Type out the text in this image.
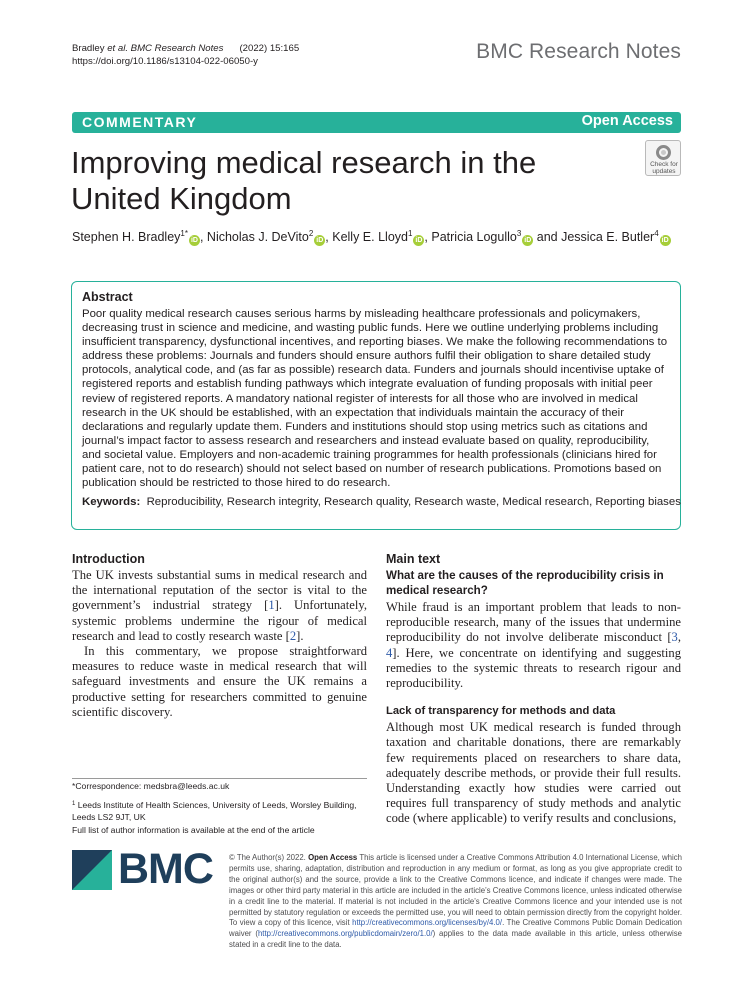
Bradley et al. BMC Research Notes (2022) 15:165
https://doi.org/10.1186/s13104-022-06050-y	BMC Research Notes
COMMENTARY	Open Access
Improving medical research in the United Kingdom
Check for
updates
Stephen H. Bradley$^{1*}$iD , Nicholas J. DeVito$^2$iD , Kelly E. Lloyd$^1$iD , Patricia Logullo$^3$iD and Jessica E. Butler$^4$iD
Abstract

Poor quality medical research causes serious harms by misleading healthcare professionals and policymakers, decreasing trust in science and medicine, and wasting public funds. Here we outline underlying problems including insufficient transparency, dysfunctional incentives, and reporting biases. We make the following recommendations to address these problems: Journals and funders should ensure authors fulfil their obligation to share detailed study protocols, analytical code, and (as far as possible) research data. Funders and journals should incentivise uptake of registered reports and establish funding pathways which integrate evaluation of funding proposals with initial peer review of registered reports. A mandatory national register of interests for all those who are involved in medical research in the UK should be established, with an expectation that individuals maintain the accuracy of their declarations and regularly update them. Funders and institutions should stop using metrics such as citations and journal’s impact factor to assess research and researchers and instead evaluate based on quality, reproducibility, and societal value. Employers and non-academic training programmes for health professionals (clinicians hired for patient care, not to do research) should not select based on number of research publications. Promotions based on publication should be restricted to those hired to do research.

Keywords: Reproducibility, Research integrity, Research quality, Research waste, Medical research, Reporting biases
Introduction

The UK invests substantial sums in medical research and the international reputation of the sector is vital to the government’s industrial strategy [1]. Unfortunately, systemic problems undermine the rigour of medical research and lead to costly research waste [2].

In this commentary, we propose straightforward measures to reduce waste in medical research that will safeguard investments and ensure the UK remains a productive setting for researchers committed to genuine scientific discovery.

Main text
What are the causes of the reproducibility crisis in medical research?

While fraud is an important problem that leads to non-reproducible research, many of the issues that undermine reproducibility do not involve deliberate misconduct [3, 4]. Here, we concentrate on identifying and suggesting remedies to the systemic threats to research rigour and reproducibility.

Lack of transparency for methods and data

Although most UK medical research is funded through taxation and charitable donations, there are remarkably few requirements placed on researchers to share data, adequately describe methods, or provide their full results. Understanding exactly how studies were carried out requires full transparency of study methods and analytic code (where applicable) to verify results and conclusions,

*Correspondence: medsbra@leeds.ac.uk
$^1$ Leeds Institute of Health Sciences, University of Leeds, Worsley Building,
Leeds LS2 9JT, UK
Full list of author information is available at the end of the article
BMC © The Author(s) 2022. Open Access This article is licensed under a Creative Commons Attribution 4.0 International License, which permits use, sharing, adaptation, distribution and reproduction in any medium or format, as long as you give appropriate credit to the original author(s) and the source, provide a link to the Creative Commons licence, and indicate if changes were made. The images or other third party material in this article are included in the article’s Creative Commons licence, unless indicated otherwise in a credit line to the material. If material is not included in the article’s Creative Commons licence and your intended use is not permitted by statutory regulation or exceeds the permitted use, you will need to obtain permission directly from the copyright holder. To view a copy of this licence, visit http://creativecommons.org/licenses/by/4.0/. The Creative Commons Public Domain Dedication waiver (http://creativecommons.org/publicdomain/zero/1.0/) applies to the data made available in this article, unless otherwise stated in a credit line to the data.
